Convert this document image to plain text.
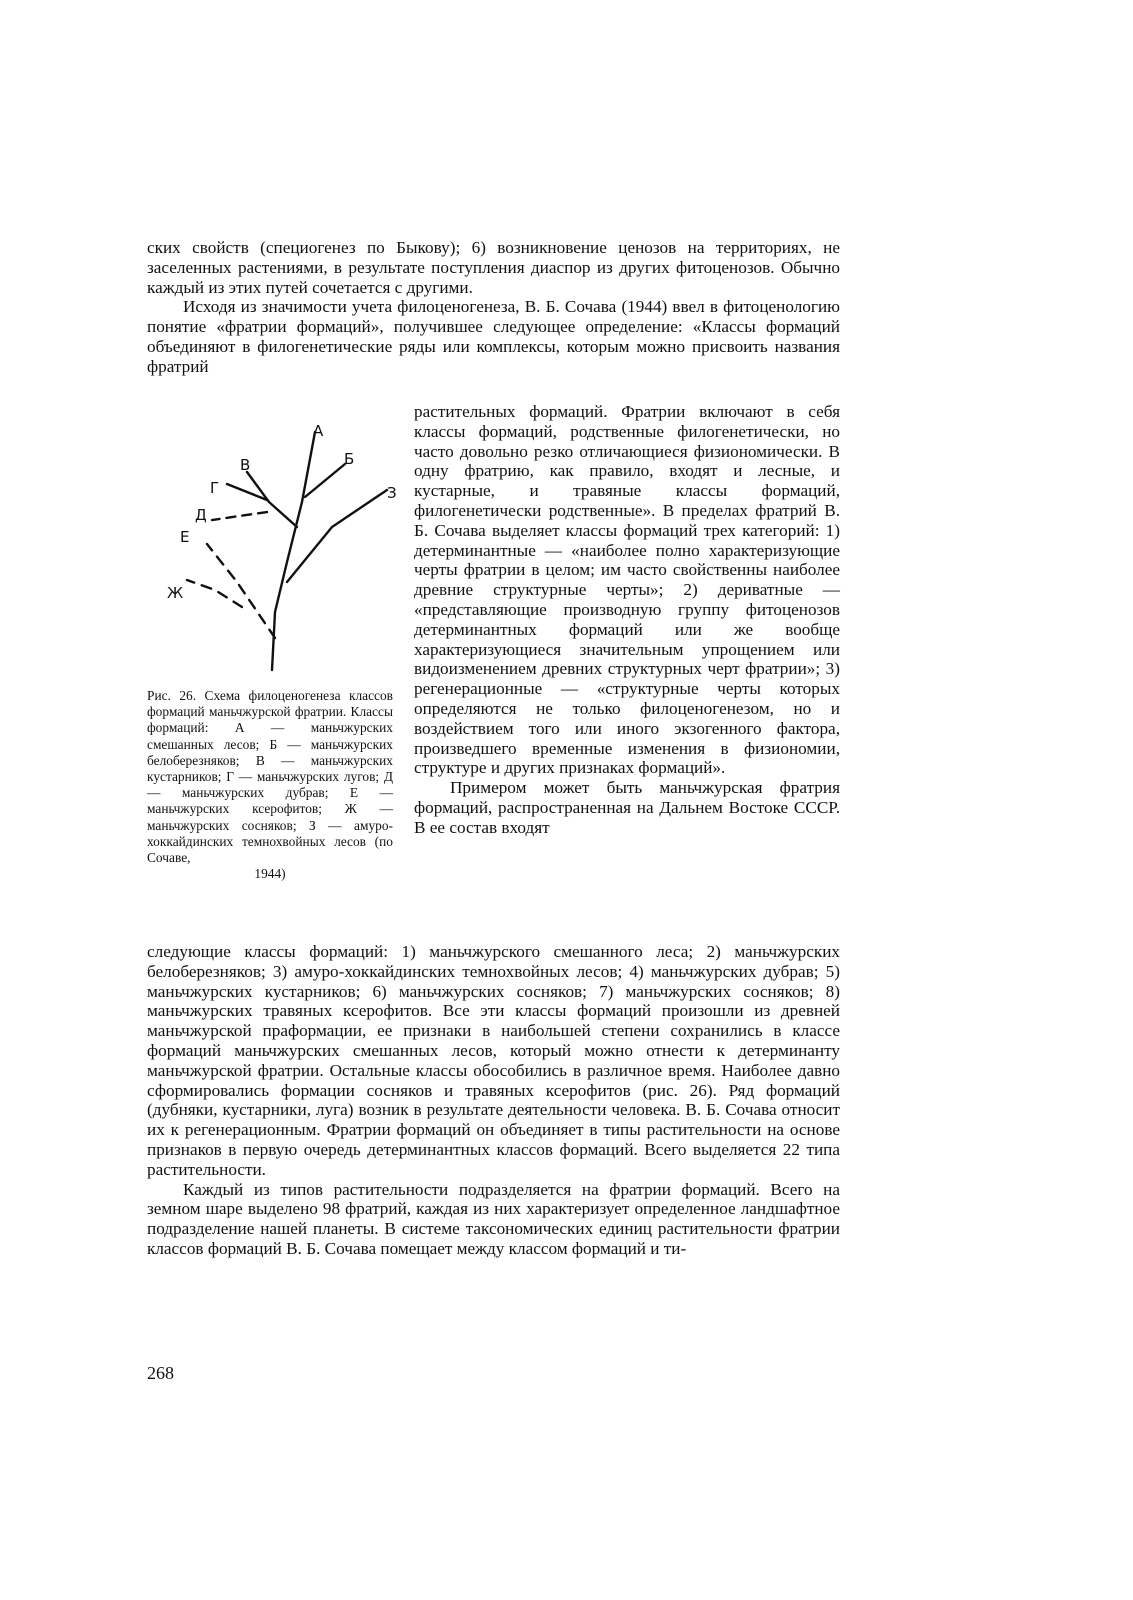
ских свойств (специогенез по Быкову); 6) возникновение ценозов на территориях, не заселенных растениями, в результате поступления диаспор из других фитоценозов. Обычно каждый из этих путей сочетается с другими.

Исходя из значимости учета филоценогенеза, В. Б. Сочава (1944) ввел в фитоценологию понятие «фратрии формаций», получившее следующее определение: «Классы формаций объединяют в филогенетические ряды или комплексы, которым можно присвоить названия фратрий

А
Б
В
Г
Д
Е
Ж
З
Рис. 26. Схема филоценогенеза классов формаций маньчжурской фратрии. Классы формаций: А — маньчжурских смешанных лесов; Б — маньчжурских белоберезняков; В — маньчжурских кустарников; Г — маньчжурских лугов; Д — маньчжурских дубрав; Е — маньчжурских ксерофитов; Ж — маньчжурских сосняков; З — амуро-хоккайдинских темнохвойных лесов (по Сочаве,
1944)

растительных формаций. Фратрии включают в себя классы формаций, родственные филогенетически, но часто довольно резко отличающиеся физиономически. В одну фратрию, как правило, входят и лесные, и кустарные, и травяные классы формаций, филогенетически родственные». В пределах фратрий В. Б. Сочава выделяет классы формаций трех категорий: 1) детерминантные — «наиболее полно характеризующие черты фратрии в целом; им часто свойственны наиболее древние структурные черты»; 2) дериватные — «представляющие производную группу фитоценозов детерминантных формаций или же вообще характеризующиеся значительным упрощением или видоизменением древних структурных черт фратрии»; 3) регенерационные — «структурные черты которых определяются не только филоценогенезом, но и воздействием того или иного экзогенного фактора, произведшего временные изменения в физиономии, структуре и других признаках формаций».

Примером может быть маньчжурская фратрия формаций, распространенная на Дальнем Востоке СССР. В ее состав входят

следующие классы формаций: 1) маньчжурского смешанного леса; 2) маньчжурских белоберезняков; 3) амуро-хоккайдинских темнохвойных лесов; 4) маньчжурских дубрав; 5) маньчжурских кустарников; 6) маньчжурских сосняков; 7) маньчжурских сосняков; 8) маньчжурских травяных ксерофитов. Все эти классы формаций произошли из древней маньчжурской праформации, ее признаки в наибольшей степени сохранились в классе формаций маньчжурских смешанных лесов, который можно отнести к детерминанту маньчжурской фратрии. Остальные классы обособились в различное время. Наиболее давно сформировались формации сосняков и травяных ксерофитов (рис. 26). Ряд формаций (дубняки, кустарники, луга) возник в результате деятельности человека. В. Б. Сочава относит их к регенерационным. Фратрии формаций он объединяет в типы растительности на основе признаков в первую очередь детерминантных классов формаций. Всего выделяется 22 типа растительности.

Каждый из типов растительности подразделяется на фратрии формаций. Всего на земном шаре выделено 98 фратрий, каждая из них характеризует определенное ландшафтное подразделение нашей планеты. В системе таксономических единиц растительности фратрии классов формаций В. Б. Сочава помещает между классом формаций и ти-

268
